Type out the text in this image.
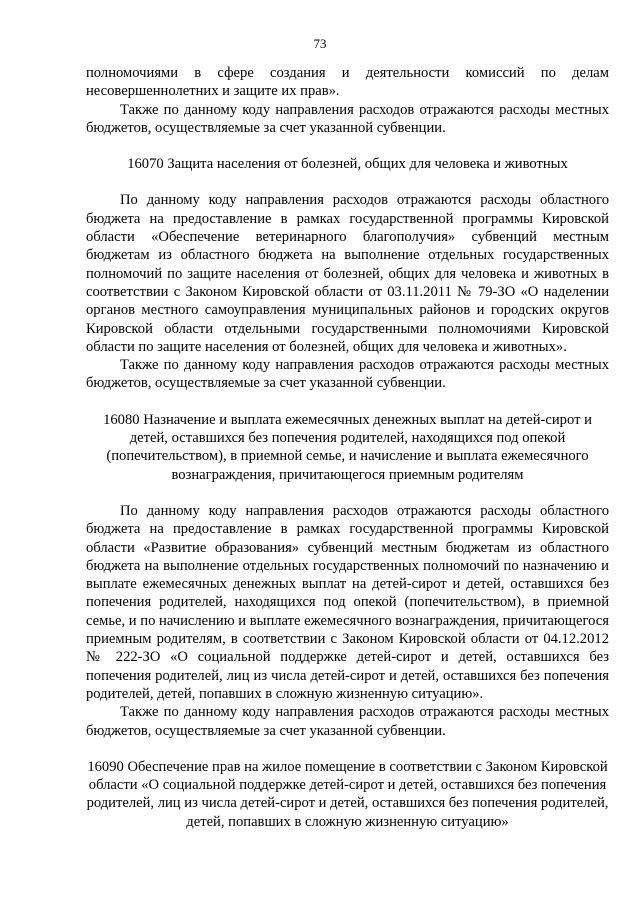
73

полномочиями в сфере создания и деятельности комиссий по делам несовершеннолетних и защите их прав».

Также по данному коду направления расходов отражаются расходы местных бюджетов, осуществляемые за счет указанной субвенции.

16070 Защита населения от болезней, общих для человека и животных

По данному коду направления расходов отражаются расходы областного бюджета на предоставление в рамках государственной программы Кировской области «Обеспечение ветеринарного благополучия» субвенций местным бюджетам из областного бюджета на выполнение отдельных государственных полномочий по защите населения от болезней, общих для человека и животных в соответствии с Законом Кировской области от 03.11.2011 № 79-ЗО «О наделении органов местного самоуправления муниципальных районов и городских округов Кировской области отдельными государственными полномочиями Кировской области по защите населения от болезней, общих для человека и животных».

Также по данному коду направления расходов отражаются расходы местных бюджетов, осуществляемые за счет указанной субвенции.

16080 Назначение и выплата ежемесячных денежных выплат на детей-сирот и детей, оставшихся без попечения родителей, находящихся под опекой (попечительством), в приемной семье, и начисление и выплата ежемесячного вознаграждения, причитающегося приемным родителям

По данному коду направления расходов отражаются расходы областного бюджета на предоставление в рамках государственной программы Кировской области «Развитие образования» субвенций местным бюджетам из областного бюджета на выполнение отдельных государственных полномочий по назначению и выплате ежемесячных денежных выплат на детей-сирот и детей, оставшихся без попечения родителей, находящихся под опекой (попечительством), в приемной семье, и по начислению и выплате ежемесячного вознаграждения, причитающегося приемным родителям, в соответствии с Законом Кировской области от 04.12.2012 № 222-ЗО «О социальной поддержке детей-сирот и детей, оставшихся без попечения родителей, лиц из числа детей-сирот и детей, оставшихся без попечения родителей, детей, попавших в сложную жизненную ситуацию».

Также по данному коду направления расходов отражаются расходы местных бюджетов, осуществляемые за счет указанной субвенции.

16090 Обеспечение прав на жилое помещение в соответствии с Законом Кировской области «О социальной поддержке детей-сирот и детей, оставшихся без попечения родителей, лиц из числа детей-сирот и детей, оставшихся без попечения родителей, детей, попавших в сложную жизненную ситуацию»
